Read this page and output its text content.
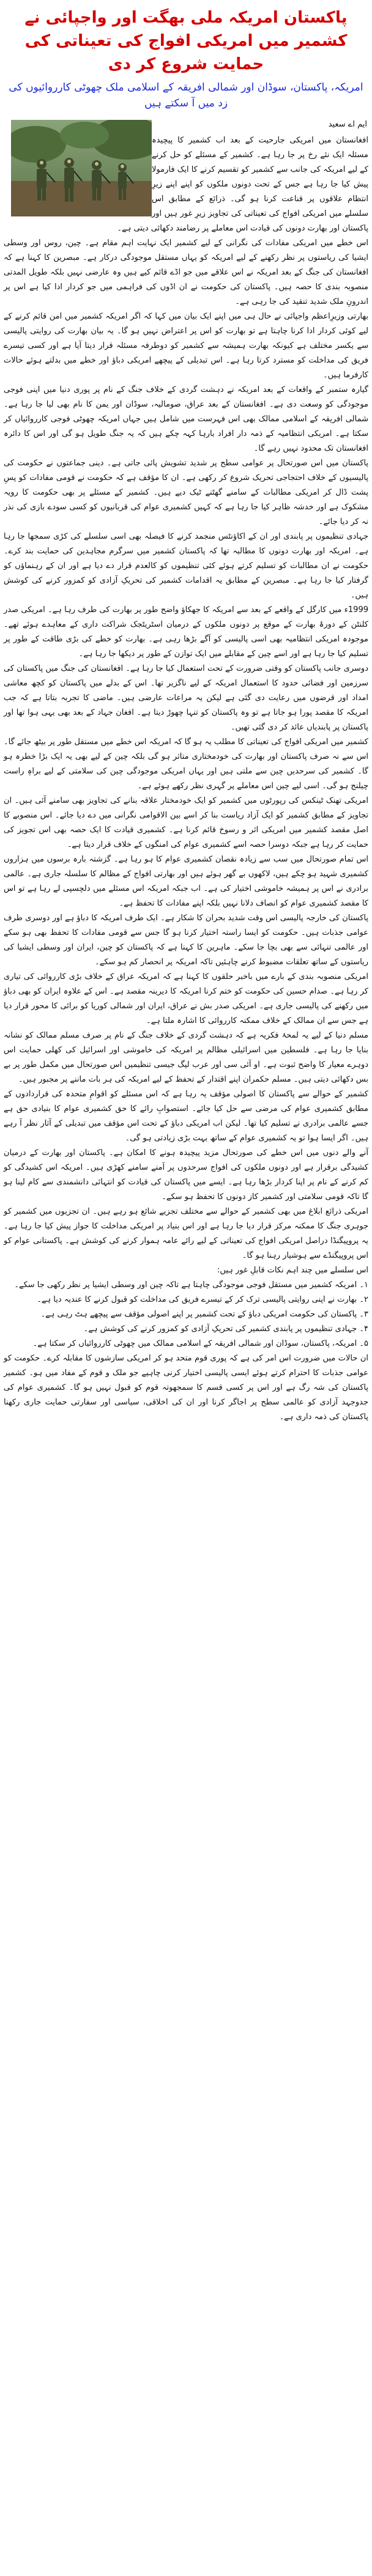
پاکستان امریکہ ملی بھگت اور واجپائی نے کشمیر میں امریکی افواج کی تعیناتی کی حمایت شروع کر دی
امریکہ، پاکستان، سوڈان اور شمالی افریقہ کے اسلامی ملک چھوٹی کارروائیوں کی زد میں آ سکتے ہیں
ایم اے سعید

افغانستان میں امریکی جارحیت کے بعد اب کشمیر کا پیچیدہ مسئلہ ایک نئے رخ پر جا رہا ہے۔ کشمیر کے مسئلے کو حل کرنے کے لیے امریکہ کی جانب سے کشمیر کو تقسیم کرنے کا ایک فارمولا پیش کیا جا رہا ہے جس کے تحت دونوں ملکوں کو اپنے اپنے زیرِ انتظام علاقوں پر قناعت کرنا ہو گی۔ ذرائع کے مطابق اس سلسلے میں امریکی افواج کی تعیناتی کی تجاویز زیرِ غور ہیں اور پاکستان اور بھارت دونوں کی قیادت اس معاملے پر رضامند دکھائی دیتی ہے۔

اس خطے میں امریکی مفادات کی نگرانی کے لیے کشمیر ایک نہایت اہم مقام ہے۔ چین، روس اور وسطی ایشیا کی ریاستوں پر نظر رکھنے کے لیے امریکہ کو یہاں مستقل موجودگی درکار ہے۔ مبصرین کا کہنا ہے کہ افغانستان کی جنگ کے بعد امریکہ نے اس علاقے میں جو اڈے قائم کیے ہیں وہ عارضی نہیں بلکہ طویل المدتی منصوبہ بندی کا حصہ ہیں۔ پاکستان کی حکومت نے ان اڈوں کی فراہمی میں جو کردار ادا کیا ہے اس پر اندرونِ ملک شدید تنقید کی جا رہی ہے۔

بھارتی وزیرِاعظم واجپائی نے حال ہی میں اپنے ایک بیان میں کہا کہ اگر امریکہ کشمیر میں امن قائم کرنے کے لیے کوئی کردار ادا کرنا چاہتا ہے تو بھارت کو اس پر اعتراض نہیں ہو گا۔ یہ بیان بھارت کی روایتی پالیسی سے یکسر مختلف ہے کیونکہ بھارت ہمیشہ سے کشمیر کو دوطرفہ مسئلہ قرار دیتا آیا ہے اور کسی تیسرے فریق کی مداخلت کو مسترد کرتا رہا ہے۔ اس تبدیلی کے پیچھے امریکی دباؤ اور خطے میں بدلتے ہوئے حالات کارفرما ہیں۔

گیارہ ستمبر کے واقعات کے بعد امریکہ نے دہشت گردی کے خلاف جنگ کے نام پر پوری دنیا میں اپنی فوجی موجودگی کو وسعت دی ہے۔ افغانستان کے بعد عراق، صومالیہ، سوڈان اور یمن کا نام بھی لیا جا رہا ہے۔ شمالی افریقہ کے اسلامی ممالک بھی اس فہرست میں شامل ہیں جہاں امریکہ چھوٹی فوجی کارروائیاں کر سکتا ہے۔ امریکی انتظامیہ کے ذمہ دار افراد بارہا کہہ چکے ہیں کہ یہ جنگ طویل ہو گی اور اس کا دائرہ افغانستان تک محدود نہیں رہے گا۔

پاکستان میں اس صورتحال پر عوامی سطح پر شدید تشویش پائی جاتی ہے۔ دینی جماعتوں نے حکومت کی پالیسیوں کے خلاف احتجاجی تحریک شروع کر رکھی ہے۔ ان کا مؤقف ہے کہ حکومت نے قومی مفادات کو پسِ پشت ڈال کر امریکی مطالبات کے سامنے گھٹنے ٹیک دیے ہیں۔ کشمیر کے مسئلے پر بھی حکومت کا رویہ مشکوک ہے اور خدشہ ظاہر کیا جا رہا ہے کہ کہیں کشمیری عوام کی قربانیوں کو کسی سودے بازی کی نذر نہ کر دیا جائے۔

جہادی تنظیموں پر پابندی اور ان کے اکاؤنٹس منجمد کرنے کا فیصلہ بھی اسی سلسلے کی کڑی سمجھا جا رہا ہے۔ امریکہ اور بھارت دونوں کا مطالبہ تھا کہ پاکستان کشمیر میں سرگرم مجاہدین کی حمایت بند کرے۔ حکومت نے ان مطالبات کو تسلیم کرتے ہوئے کئی تنظیموں کو کالعدم قرار دے دیا ہے اور ان کے رہنماؤں کو گرفتار کیا جا رہا ہے۔ مبصرین کے مطابق یہ اقدامات کشمیر کی تحریکِ آزادی کو کمزور کرنے کی کوشش ہیں۔

1999ء میں کارگل کے واقعے کے بعد سے امریکہ کا جھکاؤ واضح طور پر بھارت کی طرف رہا ہے۔ امریکی صدر کلنٹن کے دورۂ بھارت کے موقع پر دونوں ملکوں کے درمیان اسٹریٹجک شراکت داری کے معاہدے ہوئے تھے۔ موجودہ امریکی انتظامیہ بھی اسی پالیسی کو آگے بڑھا رہی ہے۔ بھارت کو خطے کی بڑی طاقت کے طور پر تسلیم کیا جا رہا ہے اور اسے چین کے مقابلے میں ایک توازن کے طور پر دیکھا جا رہا ہے۔

دوسری جانب پاکستان کو وقتی ضرورت کے تحت استعمال کیا جا رہا ہے۔ افغانستان کی جنگ میں پاکستان کی سرزمین اور فضائی حدود کا استعمال امریکہ کے لیے ناگزیر تھا۔ اس کے بدلے میں پاکستان کو کچھ معاشی امداد اور قرضوں میں رعایت دی گئی ہے لیکن یہ مراعات عارضی ہیں۔ ماضی کا تجربہ بتاتا ہے کہ جب امریکہ کا مقصد پورا ہو جاتا ہے تو وہ پاکستان کو تنہا چھوڑ دیتا ہے۔ افغان جہاد کے بعد بھی یہی ہوا تھا اور پاکستان پر پابندیاں عائد کر دی گئی تھیں۔

کشمیر میں امریکی افواج کی تعیناتی کا مطلب یہ ہو گا کہ امریکہ اس خطے میں مستقل طور پر بیٹھ جائے گا۔ اس سے نہ صرف پاکستان اور بھارت کی خودمختاری متاثر ہو گی بلکہ چین کے لیے بھی یہ ایک بڑا خطرہ ہو گا۔ کشمیر کی سرحدیں چین سے ملتی ہیں اور یہاں امریکی موجودگی چین کی سلامتی کے لیے براہِ راست چیلنج ہو گی۔ اسی لیے چین اس معاملے پر گہری نظر رکھے ہوئے ہے۔

امریکی تھنک ٹینکس کی رپورٹوں میں کشمیر کو ایک خودمختار علاقہ بنانے کی تجاویز بھی سامنے آئی ہیں۔ ان تجاویز کے مطابق کشمیر کو ایک آزاد ریاست بنا کر اسے بین الاقوامی نگرانی میں دے دیا جائے۔ اس منصوبے کا اصل مقصد کشمیر میں امریکی اثر و رسوخ قائم کرنا ہے۔ کشمیری قیادت کا ایک حصہ بھی اس تجویز کی حمایت کر رہا ہے جبکہ دوسرا حصہ اسے کشمیری عوام کی امنگوں کے خلاف قرار دیتا ہے۔

اس تمام صورتحال میں سب سے زیادہ نقصان کشمیری عوام کا ہو رہا ہے۔ گزشتہ بارہ برسوں میں ہزاروں کشمیری شہید ہو چکے ہیں، لاکھوں بے گھر ہوئے ہیں اور بھارتی افواج کے مظالم کا سلسلہ جاری ہے۔ عالمی برادری نے اس پر ہمیشہ خاموشی اختیار کی ہے۔ اب جبکہ امریکہ اس مسئلے میں دلچسپی لے رہا ہے تو اس کا مقصد کشمیری عوام کو انصاف دلانا نہیں بلکہ اپنے مفادات کا تحفظ ہے۔

پاکستان کی خارجہ پالیسی اس وقت شدید بحران کا شکار ہے۔ ایک طرف امریکہ کا دباؤ ہے اور دوسری طرف عوامی جذبات ہیں۔ حکومت کو ایسا راستہ اختیار کرنا ہو گا جس سے قومی مفادات کا تحفظ بھی ہو سکے اور عالمی تنہائی سے بھی بچا جا سکے۔ ماہرین کا کہنا ہے کہ پاکستان کو چین، ایران اور وسطی ایشیا کی ریاستوں کے ساتھ تعلقات مضبوط کرنے چاہئیں تاکہ امریکہ پر انحصار کم ہو سکے۔

امریکی منصوبہ بندی کے بارے میں باخبر حلقوں کا کہنا ہے کہ امریکہ عراق کے خلاف بڑی کارروائی کی تیاری کر رہا ہے۔ صدام حسین کی حکومت کو ختم کرنا امریکہ کا دیرینہ مقصد ہے۔ اس کے علاوہ ایران کو بھی دباؤ میں رکھنے کی پالیسی جاری ہے۔ امریکی صدر بش نے عراق، ایران اور شمالی کوریا کو برائی کا محور قرار دیا ہے جس سے ان ممالک کے خلاف ممکنہ کارروائی کا اشارہ ملتا ہے۔

مسلم دنیا کے لیے یہ لمحۂ فکریہ ہے کہ دہشت گردی کے خلاف جنگ کے نام پر صرف مسلم ممالک کو نشانہ بنایا جا رہا ہے۔ فلسطین میں اسرائیلی مظالم پر امریکہ کی خاموشی اور اسرائیل کی کھلی حمایت اس دوہرے معیار کا واضح ثبوت ہے۔ او آئی سی اور عرب لیگ جیسی تنظیمیں اس صورتحال میں مکمل طور پر بے بس دکھائی دیتی ہیں۔ مسلم حکمران اپنے اقتدار کے تحفظ کے لیے امریکہ کی ہر بات ماننے پر مجبور ہیں۔

کشمیر کے حوالے سے پاکستان کا اصولی مؤقف یہ رہا ہے کہ اس مسئلے کو اقوامِ متحدہ کی قراردادوں کے مطابق کشمیری عوام کی مرضی سے حل کیا جائے۔ استصوابِ رائے کا حق کشمیری عوام کا بنیادی حق ہے جسے عالمی برادری نے تسلیم کیا تھا۔ لیکن اب امریکی دباؤ کے تحت اس مؤقف میں تبدیلی کے آثار نظر آ رہے ہیں۔ اگر ایسا ہوا تو یہ کشمیری عوام کے ساتھ بہت بڑی زیادتی ہو گی۔

آنے والے دنوں میں اس خطے کی صورتحال مزید پیچیدہ ہونے کا امکان ہے۔ پاکستان اور بھارت کے درمیان کشیدگی برقرار ہے اور دونوں ملکوں کی افواج سرحدوں پر آمنے سامنے کھڑی ہیں۔ امریکہ اس کشیدگی کو کم کرنے کے نام پر اپنا کردار بڑھا رہا ہے۔ ایسے میں پاکستان کی قیادت کو انتہائی دانشمندی سے کام لینا ہو گا تاکہ قومی سلامتی اور کشمیر کاز دونوں کا تحفظ ہو سکے۔

امریکی ذرائع ابلاغ میں بھی کشمیر کے حوالے سے مختلف تجزیے شائع ہو رہے ہیں۔ ان تجزیوں میں کشمیر کو جوہری جنگ کا ممکنہ مرکز قرار دیا جا رہا ہے اور اس بنیاد پر امریکی مداخلت کا جواز پیش کیا جا رہا ہے۔ یہ پروپیگنڈا دراصل امریکی افواج کی تعیناتی کے لیے رائے عامہ ہموار کرنے کی کوشش ہے۔ پاکستانی عوام کو اس پروپیگنڈے سے ہوشیار رہنا ہو گا۔

اس سلسلے میں چند اہم نکات قابلِ غور ہیں:

۱۔ امریکہ کشمیر میں مستقل فوجی موجودگی چاہتا ہے تاکہ چین اور وسطی ایشیا پر نظر رکھی جا سکے۔
۲۔ بھارت نے اپنی روایتی پالیسی ترک کر کے تیسرے فریق کی مداخلت کو قبول کرنے کا عندیہ دیا ہے۔
۳۔ پاکستان کی حکومت امریکی دباؤ کے تحت کشمیر پر اپنے اصولی مؤقف سے پیچھے ہٹ رہی ہے۔
۴۔ جہادی تنظیموں پر پابندی کشمیر کی تحریکِ آزادی کو کمزور کرنے کی کوشش ہے۔
۵۔ امریکہ، پاکستان، سوڈان اور شمالی افریقہ کے اسلامی ممالک میں چھوٹی کارروائیاں کر سکتا ہے۔

ان حالات میں ضرورت اس امر کی ہے کہ پوری قوم متحد ہو کر امریکی سازشوں کا مقابلہ کرے۔ حکومت کو عوامی جذبات کا احترام کرتے ہوئے ایسی پالیسی اختیار کرنی چاہیے جو ملک و قوم کے مفاد میں ہو۔ کشمیر پاکستان کی شہ رگ ہے اور اس پر کسی قسم کا سمجھوتہ قوم کو قبول نہیں ہو گا۔ کشمیری عوام کی جدوجہد آزادی کو عالمی سطح پر اجاگر کرنا اور ان کی اخلاقی، سیاسی اور سفارتی حمایت جاری رکھنا پاکستان کی ذمہ داری ہے۔
